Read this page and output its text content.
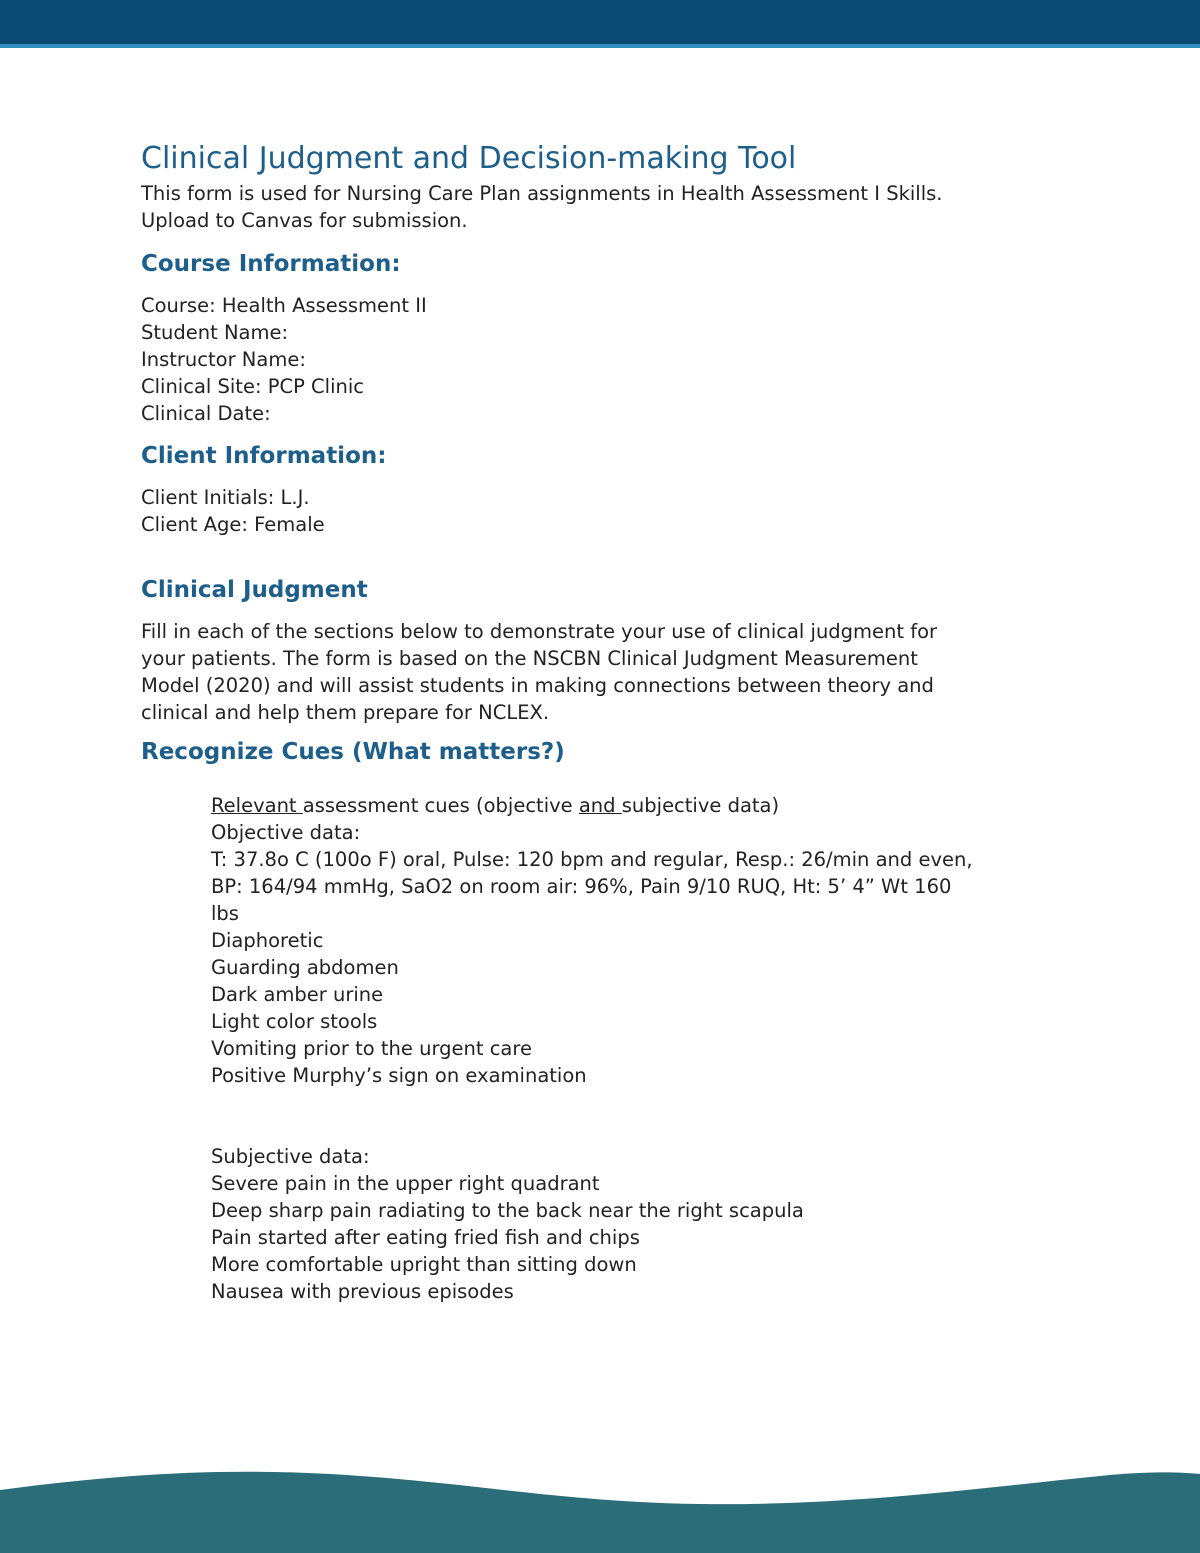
Clinical Judgment and Decision-making Tool

This form is used for Nursing Care Plan assignments in Health Assessment I Skills.

Upload to Canvas for submission.

Course Information:

Course: Health Assessment II

Student Name:

Instructor Name:

Clinical Site: PCP Clinic

Clinical Date:

Client Information:

Client Initials: L.J.

Client Age: Female

Clinical Judgment

Fill in each of the sections below to demonstrate your use of clinical judgment for

your patients. The form is based on the NSCBN Clinical Judgment Measurement

Model (2020) and will assist students in making connections between theory and

clinical and help them prepare for NCLEX.

Recognize Cues (What matters?)

Relevant assessment cues (objective and subjective data)

Objective data:

T: 37.8o C (100o F) oral, Pulse: 120 bpm and regular, Resp.: 26/min and even,

BP: 164/94 mmHg, SaO2 on room air: 96%, Pain 9/10 RUQ, Ht: 5’ 4” Wt 160

lbs

Diaphoretic

Guarding abdomen

Dark amber urine

Light color stools

Vomiting prior to the urgent care

Positive Murphy’s sign on examination

Subjective data:

Severe pain in the upper right quadrant

Deep sharp pain radiating to the back near the right scapula

Pain started after eating fried fish and chips

More comfortable upright than sitting down

Nausea with previous episodes
